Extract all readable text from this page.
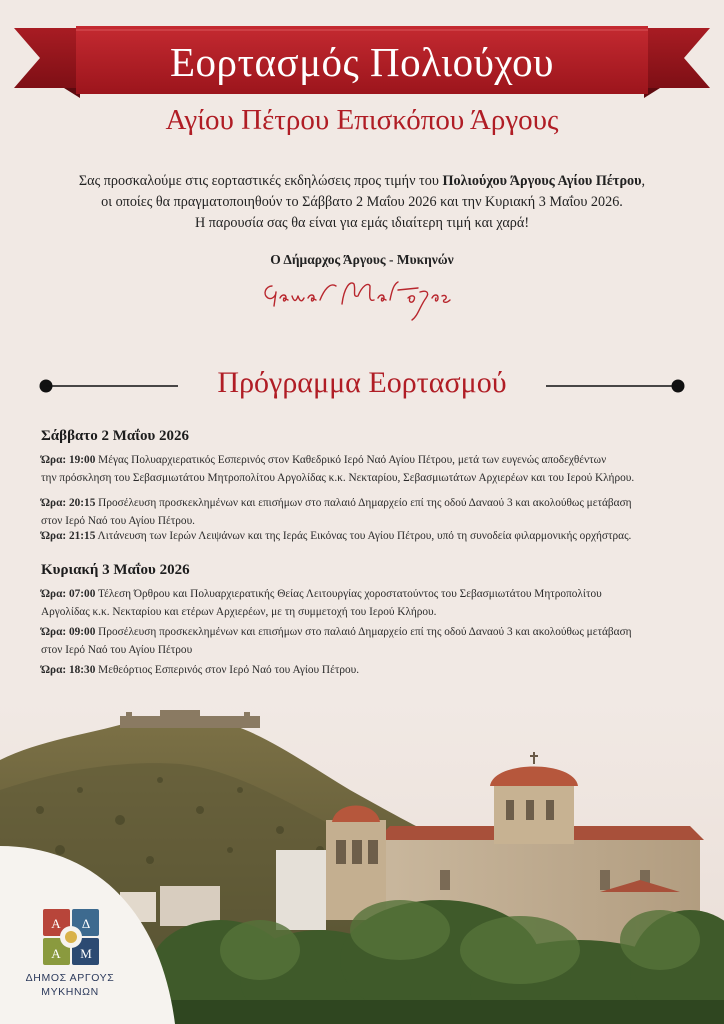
Εορτασμός Πολιούχου
Αγίου Πέτρου Επισκόπου Άργους
Σας προσκαλούμε στις εορταστικές εκδηλώσεις προς τιμήν του Πολιούχου Άργους Αγίου Πέτρου,
οι οποίες θα πραγματοποιηθούν το Σάββατο 2 Μαΐου 2026 και την Κυριακή 3 Μαΐου 2026.
Η παρουσία σας θα είναι για εμάς ιδιαίτερη τιμή και χαρά!
Ο Δήμαρχος Άργους - Μυκηνών
Πρόγραμμα Εορτασμού
Σάββατο 2 Μαΐου 2026
Ώρα: 19:00 Μέγας Πολυαρχιερατικός Εσπερινός στον Καθεδρικό Ιερό Ναό Αγίου Πέτρου, μετά των ευγενώς αποδεχθέντων
την πρόσκληση του Σεβασμιωτάτου Μητροπολίτου Αργολίδας κ.κ. Νεκταρίου, Σεβασμιωτάτων Αρχιερέων και του Ιερού Κλήρου.
Ώρα: 20:15 Προσέλευση προσκεκλημένων και επισήμων στο παλαιό Δημαρχείο επί της οδού Δαναού 3 και ακολούθως μετάβαση
στον Ιερό Ναό του Αγίου Πέτρου.
Ώρα: 21:15 Λιτάνευση των Ιερών Λειψάνων και της Ιεράς Εικόνας του Αγίου Πέτρου, υπό τη συνοδεία φιλαρμονικής ορχήστρας.
Κυριακή 3 Μαΐου 2026
Ώρα: 07:00 Τέλεση Όρθρου και Πολυαρχιερατικής Θείας Λειτουργίας χοροστατούντος του Σεβασμιωτάτου Μητροπολίτου
Αργολίδας κ.κ. Νεκταρίου και ετέρων Αρχιερέων, με τη συμμετοχή του Ιερού Κλήρου.
Ώρα: 09:00 Προσέλευση προσκεκλημένων και επισήμων στο παλαιό Δημαρχείο επί της οδού Δαναού 3 και ακολούθως μετάβαση
στον Ιερό Ναό του Αγίου Πέτρου
Ώρα: 18:30 Μεθεόρτιος Εσπερινός στον Ιερό Ναό του Αγίου Πέτρου.
Α Δ
Α Μ
ΔΗΜΟΣ ΑΡΓΟΥΣ
ΜΥΚΗΝΩΝ
